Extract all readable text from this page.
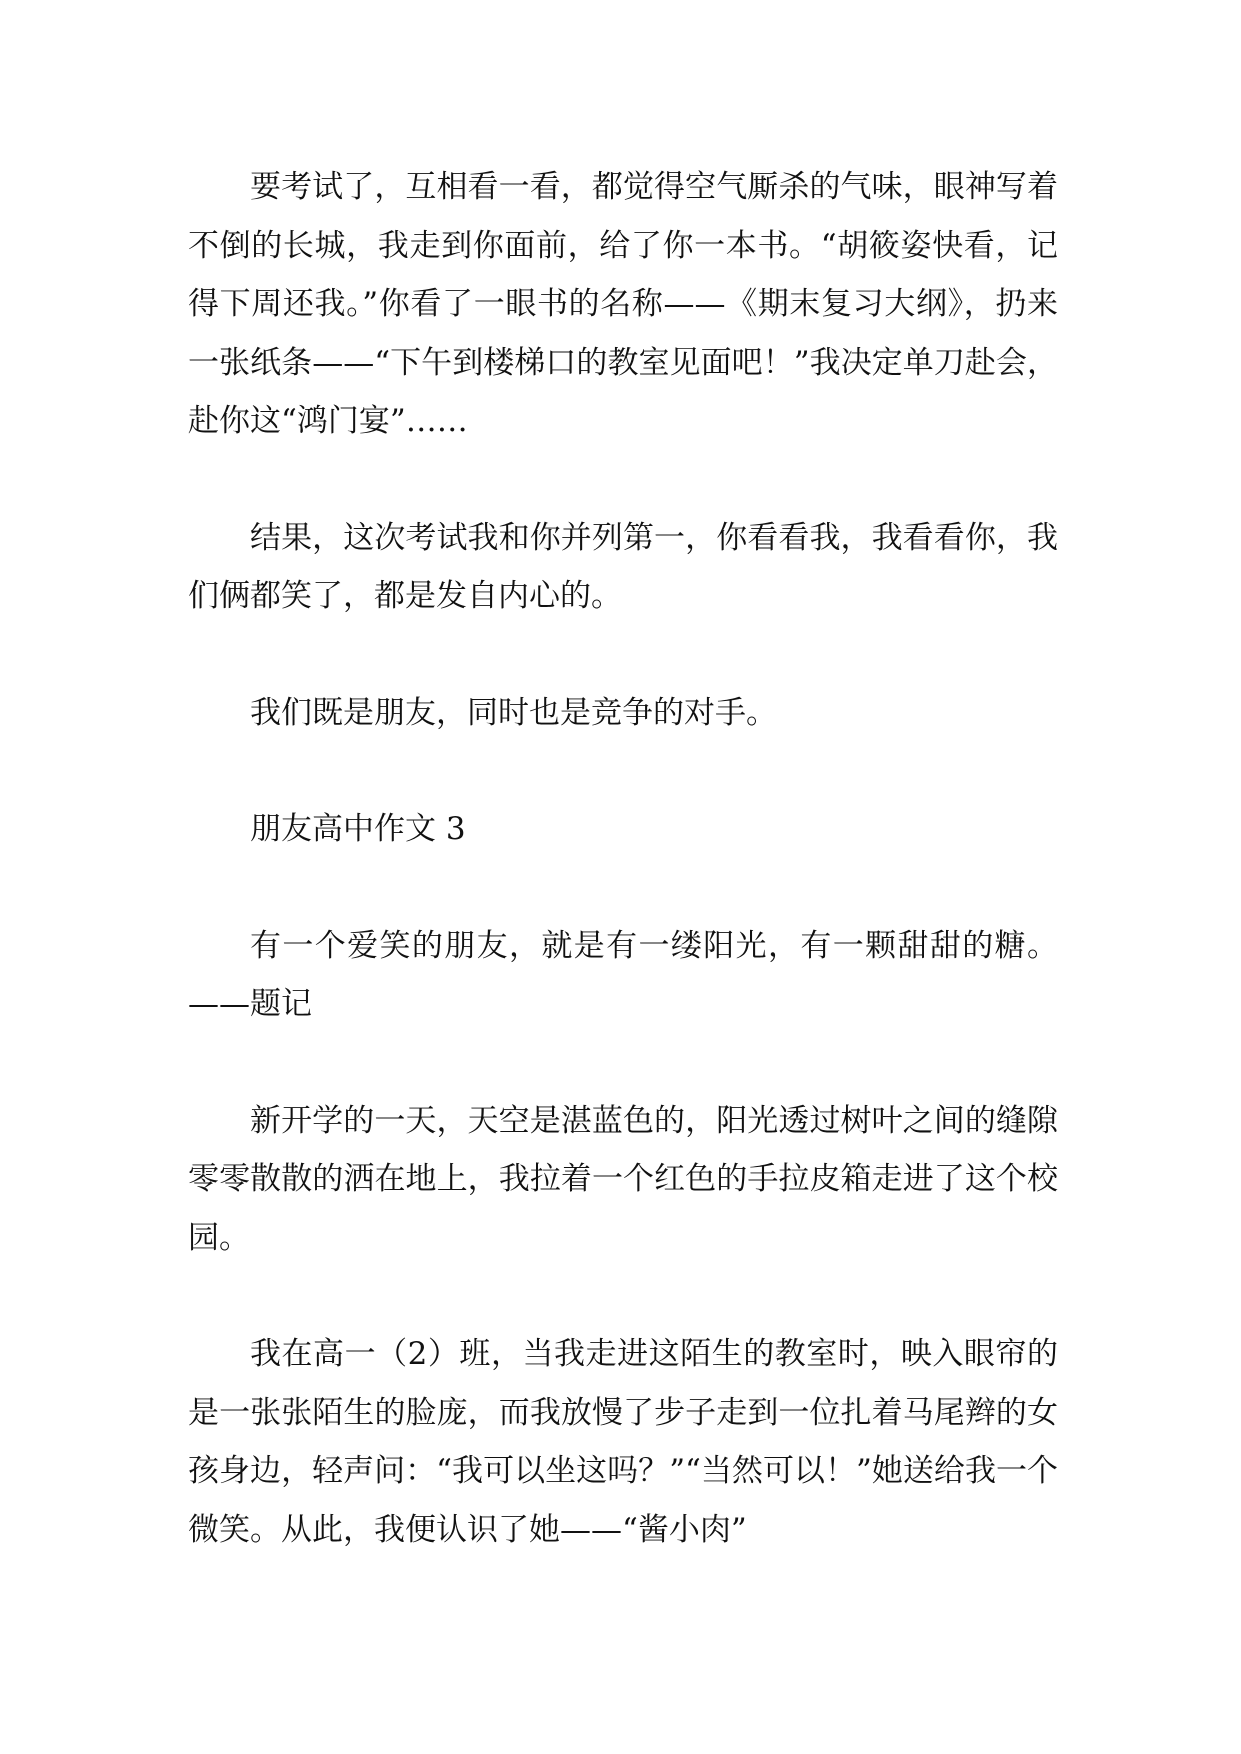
要考试了，互相看一看，都觉得空气厮杀的气味，眼神写着不倒的长城，我走到你面前，给了你一本书。“胡筱姿快看，记得下周还我。”你看了一眼书的名称——《期末复习大纲》，扔来一张纸条——“下午到楼梯口的教室见面吧！”我决定单刀赴会，赴你这“鸿门宴”……

结果，这次考试我和你并列第一，你看看我，我看看你，我们俩都笑了，都是发自内心的。

我们既是朋友，同时也是竞争的对手。

朋友高中作文 3

有一个爱笑的朋友，就是有一缕阳光，有一颗甜甜的糖。——题记

新开学的一天，天空是湛蓝色的，阳光透过树叶之间的缝隙零零散散的洒在地上，我拉着一个红色的手拉皮箱走进了这个校园。

我在高一（2）班，当我走进这陌生的教室时，映入眼帘的是一张张陌生的脸庞，而我放慢了步子走到一位扎着马尾辫的女孩身边，轻声问：“我可以坐这吗？”“当然可以！”她送给我一个微笑。从此，我便认识了她——“酱小肉”
